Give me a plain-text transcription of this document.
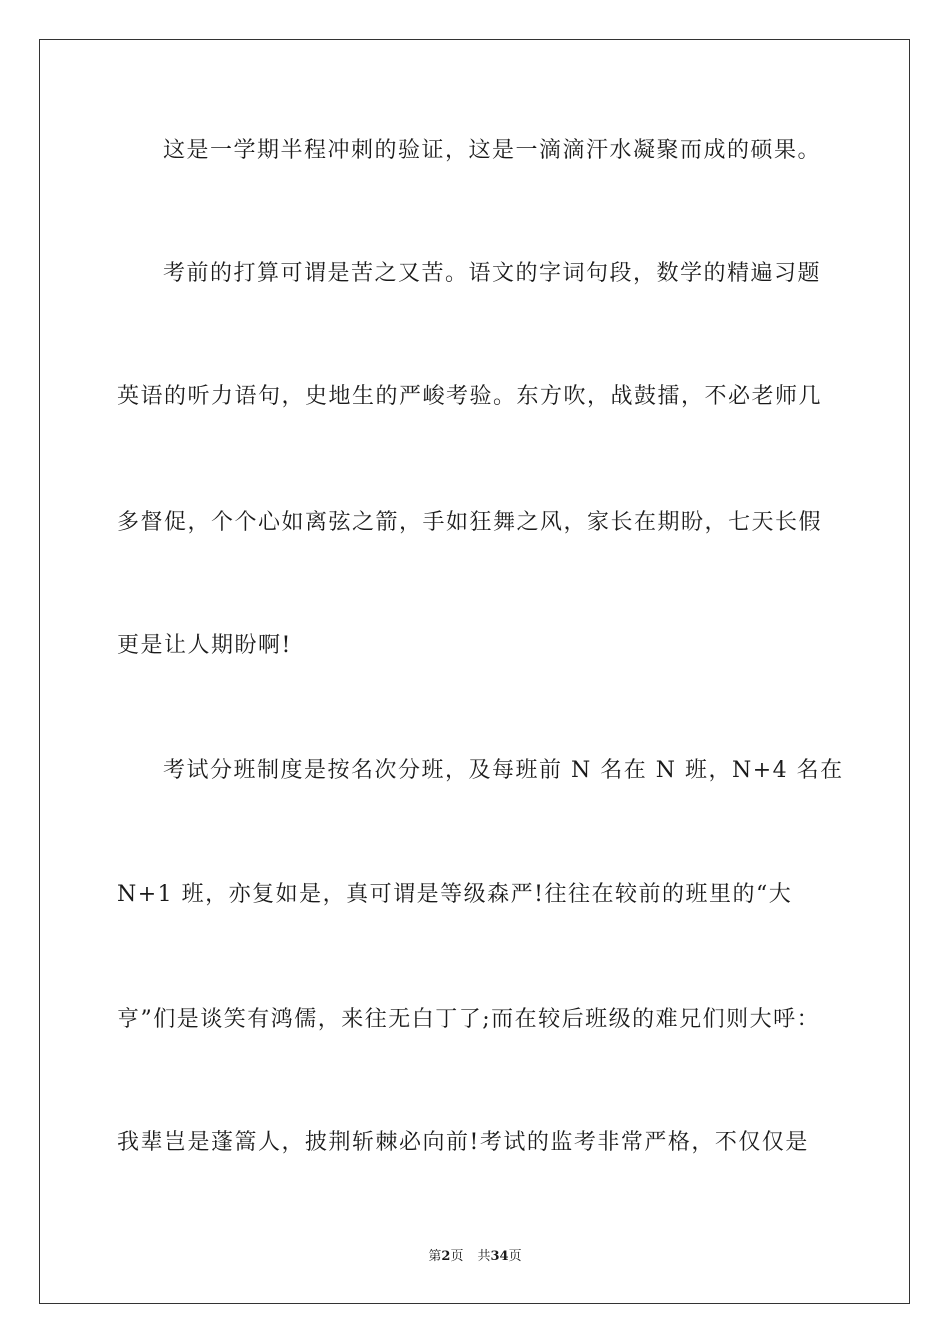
这是一学期半程冲刺的验证，这是一滴滴汗水凝聚而成的硕果。
考前的打算可谓是苦之又苦。语文的字词句段，数学的精遍习题
英语的听力语句，史地生的严峻考验。东方吹，战鼓擂，不必老师几
多督促，个个心如离弦之箭，手如狂舞之风，家长在期盼，七天长假
更是让人期盼啊!
考试分班制度是按名次分班，及每班前 N 名在 N 班，N+4 名在
N+1 班，亦复如是，真可谓是等级森严!往往在较前的班里的“大
亨”们是谈笑有鸿儒，来往无白丁了;而在较后班级的难兄们则大呼：
我辈岂是蓬篙人，披荆斩棘必向前!考试的监考非常严格，不仅仅是
第2页 共34页
